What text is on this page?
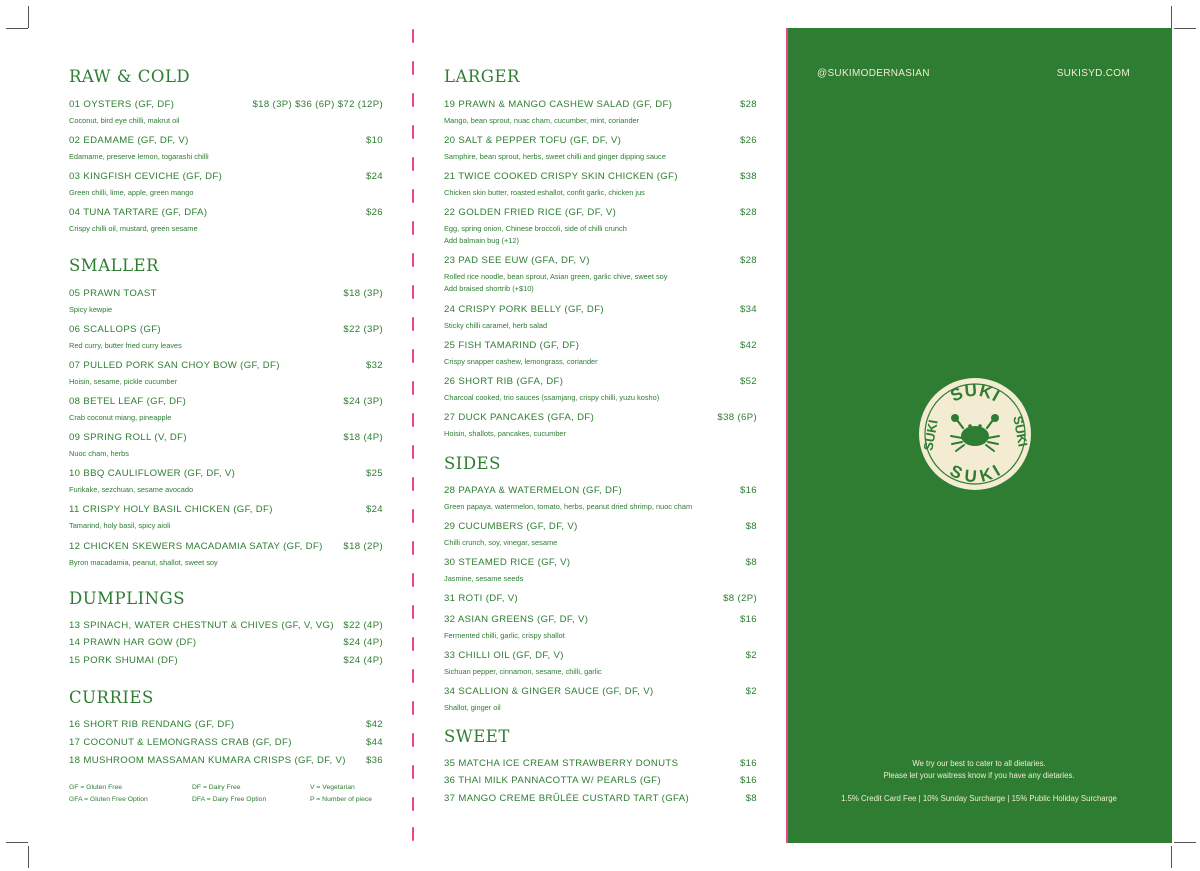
RAW & COLD
01 OYSTERS (GF, DF)	$18 (3P) $36 (6P) $72 (12P)
Coconut, bird eye chilli, makrut oil
02 EDAMAME (GF, DF, V)	$10
Edamame, preserve lemon, togarashi chilli
03 KINGFISH CEVICHE (GF, DF)	$24
Green chilli, lime, apple, green mango
04 TUNA TARTARE (GF, DFA)	$26
Crispy chilli oil, mustard, green sesame
SMALLER
05 PRAWN TOAST	$18 (3P)
Spicy kewpie
06 SCALLOPS (GF)	$22 (3P)
Red curry, butter fried curry leaves
07 PULLED PORK SAN CHOY BOW (GF, DF)	$32
Hoisin, sesame, pickle cucumber
08 BETEL LEAF (GF, DF)	$24 (3P)
Crab coconut miang, pineapple
09 SPRING ROLL (V, DF)	$18 (4P)
Nuoc cham, herbs
10 BBQ CAULIFLOWER (GF, DF, V)	$25
Furikake, sezchuan, sesame avocado
11 CRISPY HOLY BASIL CHICKEN (GF, DF)	$24
Tamarind, holy basil, spicy aioli
12 CHICKEN SKEWERS MACADAMIA SATAY (GF, DF) $18 (2P)
Byron macadamia, peanut, shallot, sweet soy
DUMPLINGS
13 SPINACH, WATER CHESTNUT & CHIVES (GF, V, VG) $22 (4P)
14 PRAWN HAR GOW (DF)	$24 (4P)
15 PORK SHUMAI (DF)	$24 (4P)
CURRIES
16 SHORT RIB RENDANG (GF, DF)	$42
17 COCONUT & LEMONGRASS CRAB (GF, DF)	$44
18 MUSHROOM MASSAMAN KUMARA CRISPS (GF, DF, V) $36
GF = Gluten Free
GFA = Gluten Free Option
DF = Dairy Free
DFA = Dairy Free Option
V = Vegetarian
P = Number of piece
LARGER
19 PRAWN & MANGO CASHEW SALAD (GF, DF)	$28
Mango, bean sprout, nuac cham, cucumber, mint, coriander
20 SALT & PEPPER TOFU (GF, DF, V)	$26
Samphire, bean sprout, herbs, sweet chilli and ginger dipping sauce
21 TWICE COOKED CRISPY SKIN CHICKEN (GF)	$38
Chicken skin butter, roasted eshallot, confit garlic, chicken jus
22 GOLDEN FRIED RICE (GF, DF, V)	$28
Egg, spring onion, Chinese broccoli, side of chilli crunch
Add balmain bug (+12)
23 PAD SEE EUW (GFA, DF, V)	$28
Rolled rice noodle, bean sprout, Asian green, garlic chive, sweet soy
Add braised shortrib (+$10)
24 CRISPY PORK BELLY (GF, DF)	$34
Sticky chilli caramel, herb salad
25 FISH TAMARIND (GF, DF)	$42
Crispy snapper cashew, lemongrass, coriander
26 SHORT RIB (GFA, DF)	$52
Charcoal cooked, trio sauces (ssamjang, crispy chilli, yuzu kosho)
27 DUCK PANCAKES (GFA, DF)	$38 (6P)
Hoisin, shallots, pancakes, cucumber
SIDES
28 PAPAYA & WATERMELON (GF, DF)	$16
Green papaya, watermelon, tomato, herbs, peanut dried shrimp, nuoc cham
29 CUCUMBERS (GF, DF, V)	$8
Chilli crunch, soy, vinegar, sesame
30 STEAMED RICE (GF, V)	$8
Jasmine, sesame seeds
31 ROTI (DF, V)	$8 (2P)
32 ASIAN GREENS (GF, DF, V)	$16
Fermented chilli, garlic, crispy shallot
33 CHILLI OIL (GF, DF, V)	$2
Sichuan pepper, cinnamon, sesame, chilli, garlic
34 SCALLION & GINGER SAUCE (GF, DF, V)	$2
Shallot, ginger oil
SWEET
35 MATCHA ICE CREAM STRAWBERRY DONUTS	$16
36 THAI MILK PANNACOTTA W/ PEARLS (GF)	$16
37 MANGO CREME BRÛLÉE CUSTARD TART (GFA)	$8
@SUKIMODERNASIAN	SUKISYD.COM
SUKI
SUKI
SUKI	SUKI
We try our best to cater to all dietaries.
Please let your waitress know if you have any dietaries.
1.5% Credit Card Fee | 10% Sunday Surcharge | 15% Public Holiday Surcharge
